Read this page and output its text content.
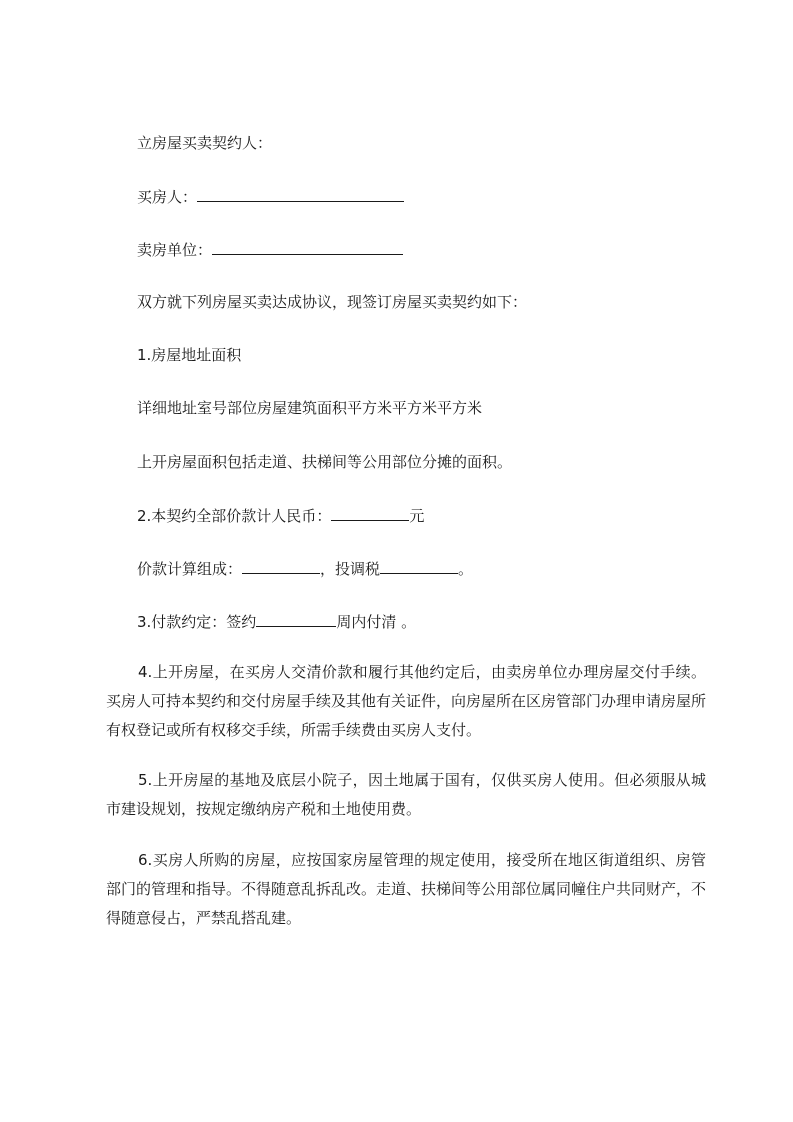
立房屋买卖契约人：
买房人：
卖房单位：
双方就下列房屋买卖达成协议，现签订房屋买卖契约如下：
1.房屋地址面积
详细地址室号部位房屋建筑面积平方米平方米平方米
上开房屋面积包括走道、扶梯间等公用部位分摊的面积。
2.本契约全部价款计人民币：	元
价款计算组成：	，投调税	。
3.付款约定：签约	周内付清 。
4.上开房屋，在买房人交清价款和履行其他约定后，由卖房单位办理房屋交付手续。买房人可持本契约和交付房屋手续及其他有关证件，向房屋所在区房管部门办理申请房屋所有权登记或所有权移交手续，所需手续费由买房人支付。
5.上开房屋的基地及底层小院子，因土地属于国有，仅供买房人使用。但必须服从城市建设规划，按规定缴纳房产税和土地使用费。
6.买房人所购的房屋，应按国家房屋管理的规定使用，接受所在地区街道组织、房管部门的管理和指导。不得随意乱拆乱改。走道、扶梯间等公用部位属同幢住户共同财产，不得随意侵占，严禁乱搭乱建。
